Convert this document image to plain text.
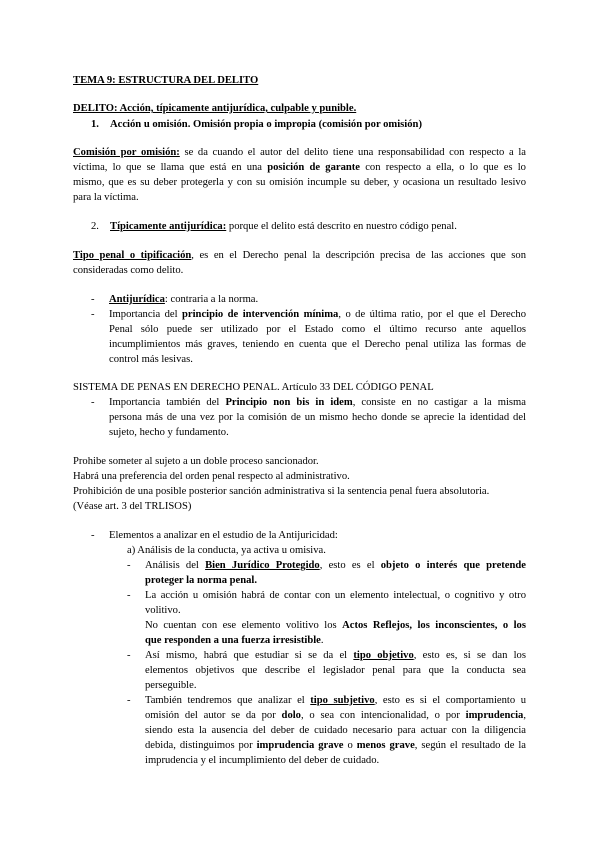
TEMA 9: ESTRUCTURA DEL DELITO
DELITO: Acción, típicamente antijurídica, culpable y punible.
1. Acción u omisión. Omisión propia o impropia (comisión por omisión)
Comisión por omisión: se da cuando el autor del delito tiene una responsabilidad con respecto a la
víctima, lo que se llama que está en una posición de garante con respecto a ella, o lo que es lo
mismo, que es su deber protegerla y con su omisión incumple su deber, y ocasiona un resultado lesivo
para la víctima.
2. Típicamente antijurídica: porque el delito está descrito en nuestro código penal.
Tipo penal o tipificación, es en el Derecho penal la descripción precisa de las acciones que son
consideradas como delito.
- Antijurídica: contraria a la norma.
- Importancia del principio de intervención mínima, o de última ratio, por el que el Derecho
Penal sólo puede ser utilizado por el Estado como el último recurso ante aquellos
incumplimientos más graves, teniendo en cuenta que el Derecho penal utiliza las formas de
control más lesivas.
SISTEMA DE PENAS EN DERECHO PENAL. Artículo 33 DEL CÓDIGO PENAL
- Importancia también del Principio non bis in idem, consiste en no castigar a la misma
persona más de una vez por la comisión de un mismo hecho donde se aprecie la identidad del
sujeto, hecho y fundamento.
Prohibe someter al sujeto a un doble proceso sancionador.
Habrá una preferencia del orden penal respecto al administrativo.
Prohibición de una posible posterior sanción administrativa si la sentencia penal fuera absolutoria.
(Véase art. 3 del TRLISOS)
- Elementos a analizar en el estudio de la Antijuricidad:
a) Análisis de la conducta, ya activa u omisiva.
- Análisis del Bien Jurídico Protegido, esto es el objeto o interés que pretende
proteger la norma penal.
- La acción u omisión habrá de contar con un elemento intelectual, o cognitivo y otro
volitivo.
No cuentan con ese elemento volitivo los Actos Reflejos, los inconscientes, o los
que responden a una fuerza irresistible.
- Así mismo, habrá que estudiar si se da el tipo objetivo, esto es, si se dan los
elementos objetivos que describe el legislador penal para que la conducta sea
perseguible.
- También tendremos que analizar el tipo subjetivo, esto es si el comportamiento u
omisión del autor se da por dolo, o sea con intencionalidad, o por imprudencia,
siendo esta la ausencia del deber de cuidado necesario para actuar con la diligencia
debida, distinguimos por imprudencia grave o menos grave, según el resultado de la
imprudencia y el incumplimiento del deber de cuidado.
